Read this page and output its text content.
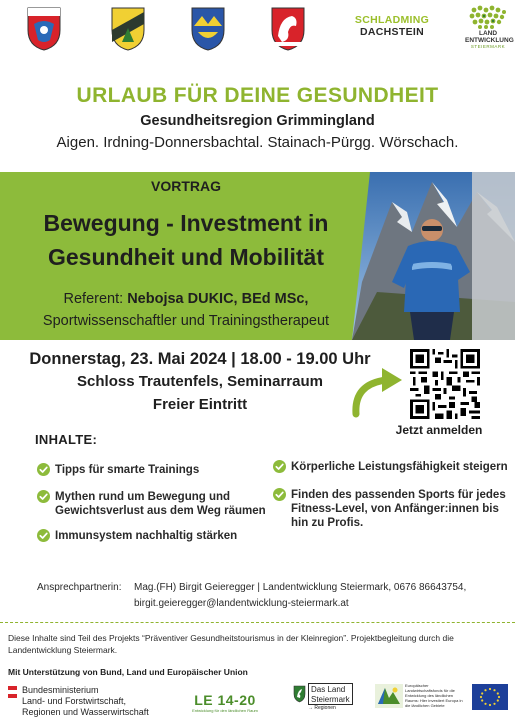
SCHLADMING
DACHSTEIN	LAND
ENTWICKLUNG
STEIERMARK
URLAUB FÜR DEINE GESUNDHEIT
Gesundheitsregion Grimmingland
Aigen. Irdning-Donnersbachtal. Stainach-Pürgg. Wörschach.
VORTRAG
Bewegung - Investment in
Gesundheit und Mobilität
Referent: Nebojsa DUKIC, BEd MSc,
Sportwissenschaftler und Trainingstherapeut
Donnerstag, 23. Mai 2024 | 18.00 - 19.00 Uhr
Schloss Trautenfels, Seminarraum
Freier Eintritt
Jetzt anmelden
INHALTE:
Tipps für smarte Trainings
Mythen rund um Bewegung und Gewichtsverlust aus dem Weg räumen
Immunsystem nachhaltig stärken
Körperliche Leistungsfähigkeit steigern
Finden des passenden Sports für jedes Fitness-Level, von Anfänger:innen bis hin zu Profis.
Ansprechpartnerin: Mag.(FH) Birgit Geieregger | Landentwicklung Steiermark, 0676 86643754,
birgit.geieregger@landentwicklung-steiermark.at
Diese Inhalte sind Teil des Projekts “Präventiver Gesundheitstourismus in der Kleinregion”. Projektbegleitung durch die Landentwicklung Steiermark.
Mit Unterstützung von Bund, Land und Europäischer Union
Bundesministerium
Land- und Forstwirtschaft,
Regionen und Wasserwirtschaft
LE 14-20
Entwicklung für den ländlichen Raum
Das Land
Steiermark
→ Regionen
Europäischer Landwirtschaftsfonds für die Entwicklung des ländlichen Raums: Hier investiert Europa in die ländlichen Gebiete
